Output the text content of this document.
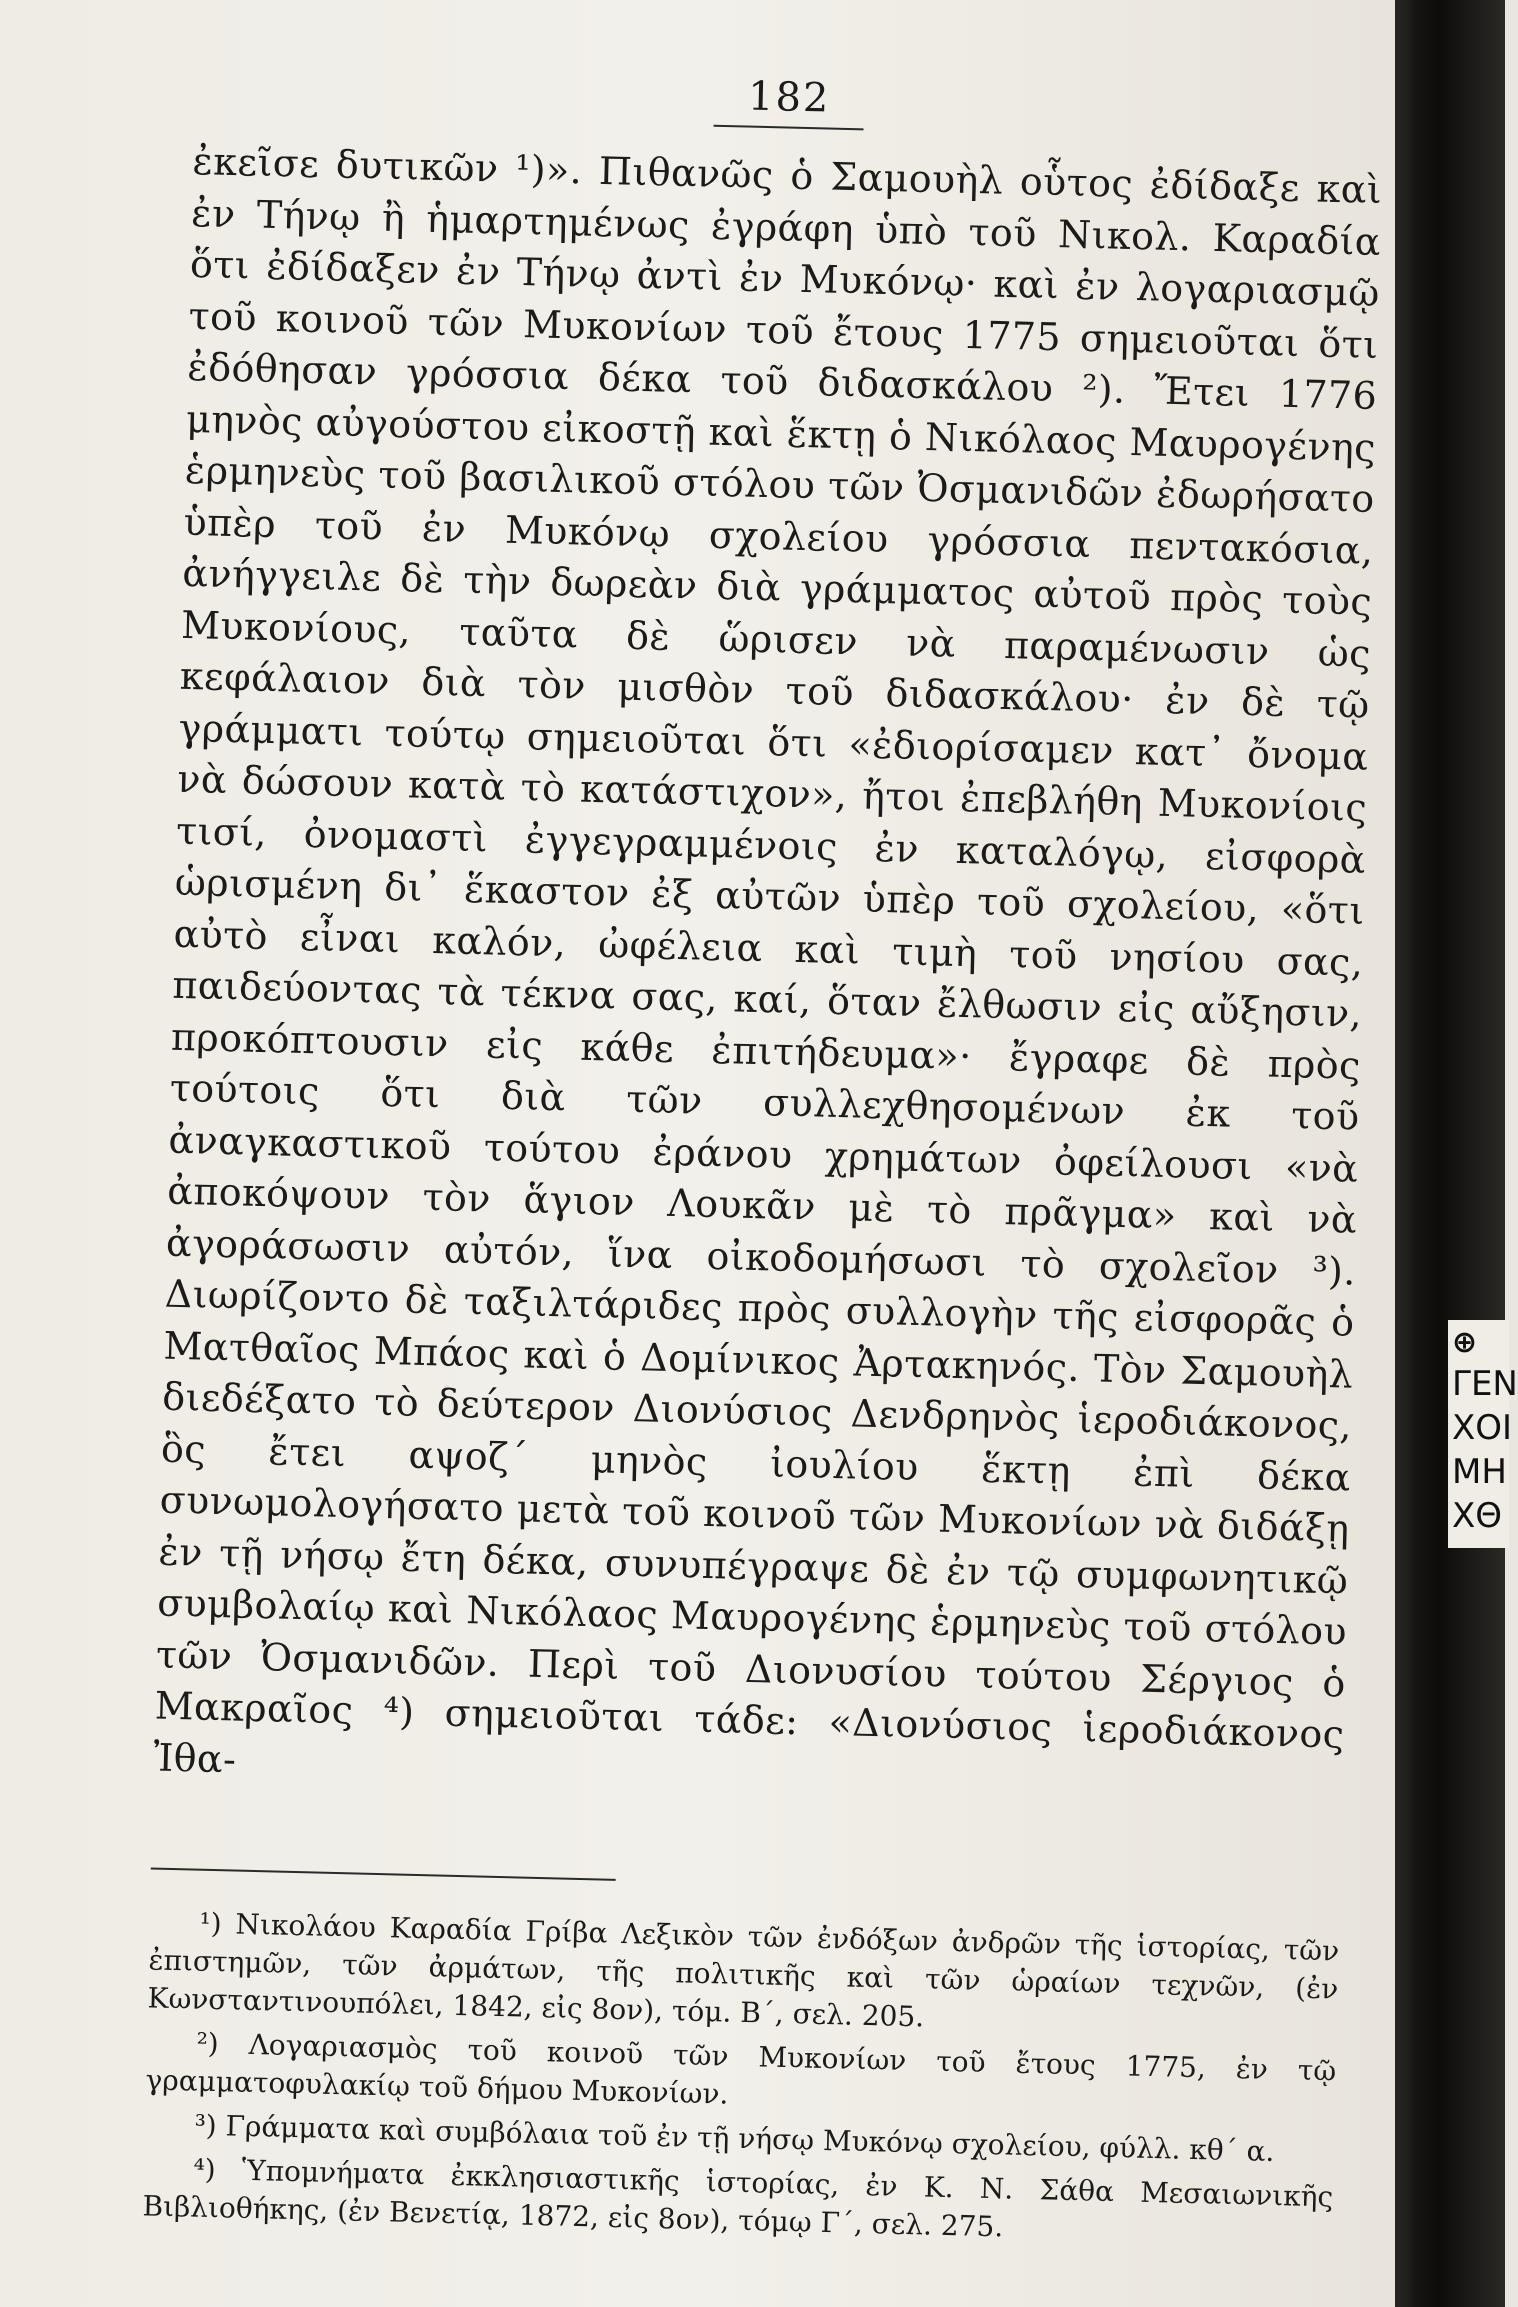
182

ἐκεῖσε δυτικῶν ¹)». Πιθανῶς ὁ Σαμουὴλ οὗτος ἐδίδαξε καὶ ἐν Τήνῳ ἢ ἡμαρτημένως ἐγράφη ὑπὸ τοῦ Νικολ. Καραδία ὅτι ἐδίδαξεν ἐν Τήνῳ ἀντὶ ἐν Μυκόνῳ· καὶ ἐν λογαριασμῷ τοῦ κοινοῦ τῶν Μυκονίων τοῦ ἔτους 1775 σημειοῦται ὅτι ἐδόθησαν γρόσσια δέκα τοῦ διδασκάλου ²). Ἔτει 1776 μηνὸς αὐγούστου εἰκοστῇ καὶ ἕκτῃ ὁ Νικόλαος Μαυρογένης ἑρμηνεὺς τοῦ βασιλικοῦ στόλου τῶν Ὀσμανιδῶν ἐδωρήσατο ὑπὲρ τοῦ ἐν Μυκόνῳ σχολείου γρόσσια πεντακόσια, ἀνήγγειλε δὲ τὴν δωρεὰν διὰ γράμματος αὐτοῦ πρὸς τοὺς Μυκονίους, ταῦτα δὲ ὥρισεν νὰ παραμένωσιν ὡς κεφάλαιον διὰ τὸν μισθὸν τοῦ διδασκάλου· ἐν δὲ τῷ γράμματι τούτῳ σημειοῦται ὅτι «ἐδιορίσαμεν κατ᾽ ὄνομα νὰ δώσουν κατὰ τὸ κατάστιχον», ἤτοι ἐπεβλήθη Μυκονίοις τισί, ὀνομαστὶ ἐγγεγραμμένοις ἐν καταλόγῳ, εἰσφορὰ ὡρισμένη δι᾽ ἕκαστον ἐξ αὐτῶν ὑπὲρ τοῦ σχολείου, «ὅτι αὐτὸ εἶναι καλόν, ὠφέλεια καὶ τιμὴ τοῦ νησίου σας, παιδεύοντας τὰ τέκνα σας, καί, ὅταν ἔλθωσιν εἰς αὔξησιν, προκόπτουσιν εἰς κάθε ἐπιτήδευμα»· ἔγραφε δὲ πρὸς τούτοις ὅτι διὰ τῶν συλλεχθησομένων ἐκ τοῦ ἀναγκαστικοῦ τούτου ἐράνου χρημάτων ὀφείλουσι «νὰ ἀποκόψουν τὸν ἅγιον Λουκᾶν μὲ τὸ πρᾶγμα» καὶ νὰ ἀγοράσωσιν αὐτόν, ἵνα οἰκοδομήσωσι τὸ σχολεῖον ³). Διωρίζοντο δὲ ταξιλτάριδες πρὸς συλλογὴν τῆς εἰσφορᾶς ὁ Ματθαῖος Μπάος καὶ ὁ Δομίνικος Ἀρτακηνός. Τὸν Σαμουὴλ διεδέξατο τὸ δεύτερον Διονύσιος Δενδρηνὸς ἱεροδιάκονος, ὃς ἔτει αψοζ´ μηνὸς ἰουλίου ἕκτῃ ἐπὶ δέκα συνωμολογήσατο μετὰ τοῦ κοινοῦ τῶν Μυκονίων νὰ διδάξῃ ἐν τῇ νήσῳ ἔτη δέκα, συνυπέγραψε δὲ ἐν τῷ συμφωνητικῷ συμβολαίῳ καὶ Νικόλαος Μαυρογένης ἑρμηνεὺς τοῦ στόλου τῶν Ὀσμανιδῶν. Περὶ τοῦ Διονυσίου τούτου Σέργιος ὁ Μακραῖος ⁴) σημειοῦται τάδε: «Διονύσιος ἱεροδιάκονος Ἰθα-

¹) Νικολάου Καραδία Γρίβα Λεξικὸν τῶν ἐνδόξων ἀνδρῶν τῆς ἱστορίας, τῶν ἐπιστημῶν, τῶν ἀρμάτων, τῆς πολιτικῆς καὶ τῶν ὡραίων τεχνῶν, (ἐν Κωνσταντινουπόλει, 1842, εἰς 8ον), τόμ. Β´, σελ. 205.

²) Λογαριασμὸς τοῦ κοινοῦ τῶν Μυκονίων τοῦ ἔτους 1775, ἐν τῷ γραμματοφυλακίῳ τοῦ δήμου Μυκονίων.

³) Γράμματα καὶ συμβόλαια τοῦ ἐν τῇ νήσῳ Μυκόνῳ σχολείου, φύλλ. κθ´ α.

⁴) Ὑπομνήματα ἐκκλησιαστικῆς ἱστορίας, ἐν Κ. Ν. Σάθα Μεσαιωνικῆς Βιβλιοθήκης, (ἐν Βενετίᾳ, 1872, εἰς 8ον), τόμῳ Γ´, σελ. 275.

⊕
ΓΕΝ
ΧΟΙ
ΜΗ
ΧΘ
